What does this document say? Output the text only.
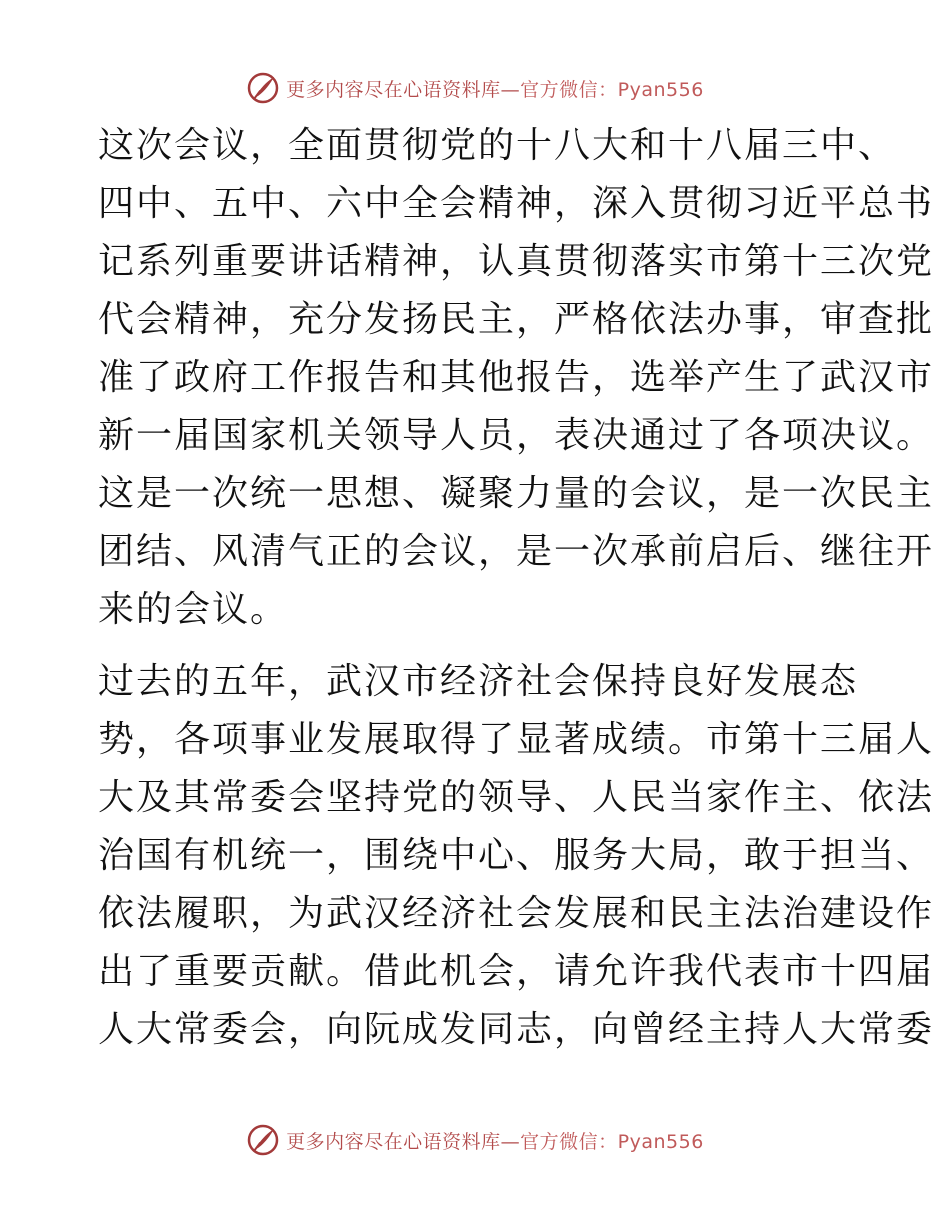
更多内容尽在心语资料库—官方微信：Pyan556

这次会议，全面贯彻党的十八大和十八届三中、
四中、五中、六中全会精神，深入贯彻习近平总书
记系列重要讲话精神，认真贯彻落实市第十三次党
代会精神，充分发扬民主，严格依法办事，审查批
准了政府工作报告和其他报告，选举产生了武汉市
新一届国家机关领导人员，表决通过了各项决议。
这是一次统一思想、凝聚力量的会议，是一次民主
团结、风清气正的会议，是一次承前启后、继往开
来的会议。

过去的五年，武汉市经济社会保持良好发展态
势，各项事业发展取得了显著成绩。市第十三届人
大及其常委会坚持党的领导、人民当家作主、依法
治国有机统一，围绕中心、服务大局，敢于担当、
依法履职，为武汉经济社会发展和民主法治建设作
出了重要贡献。借此机会，请允许我代表市十四届
人大常委会，向阮成发同志，向曾经主持人大常委

更多内容尽在心语资料库—官方微信：Pyan556
